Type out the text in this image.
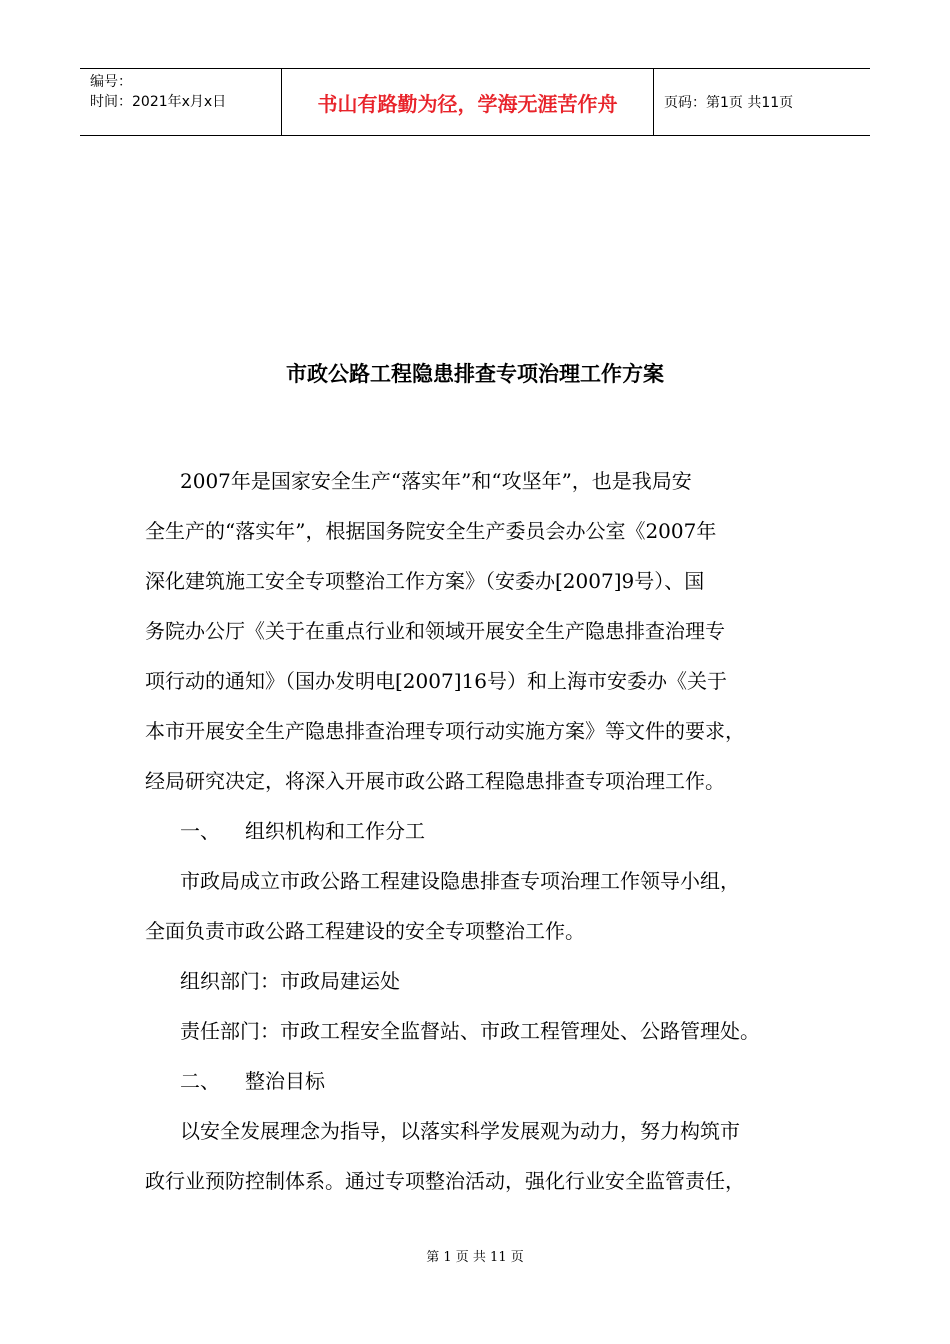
编号：
时间：2021年x月x日	书山有路勤为径，学海无涯苦作舟	页码：第1页 共11页
市政公路工程隐患排查专项治理工作方案
2007年是国家安全生产“落实年”和“攻坚年”，也是我局安
全生产的“落实年”，根据国务院安全生产委员会办公室《2007年
深化建筑施工安全专项整治工作方案》（安委办[2007]9号）、国
务院办公厅《关于在重点行业和领域开展安全生产隐患排查治理专
项行动的通知》（国办发明电[2007]16号）和上海市安委办《关于
本市开展安全生产隐患排查治理专项行动实施方案》等文件的要求，
经局研究决定，将深入开展市政公路工程隐患排查专项治理工作。
一、 组织机构和工作分工
市政局成立市政公路工程建设隐患排查专项治理工作领导小组，
全面负责市政公路工程建设的安全专项整治工作。
组织部门：市政局建运处
责任部门：市政工程安全监督站、市政工程管理处、公路管理处。
二、 整治目标
以安全发展理念为指导，以落实科学发展观为动力，努力构筑市
政行业预防控制体系。通过专项整治活动，强化行业安全监管责任，
第 1 页 共 11 页
